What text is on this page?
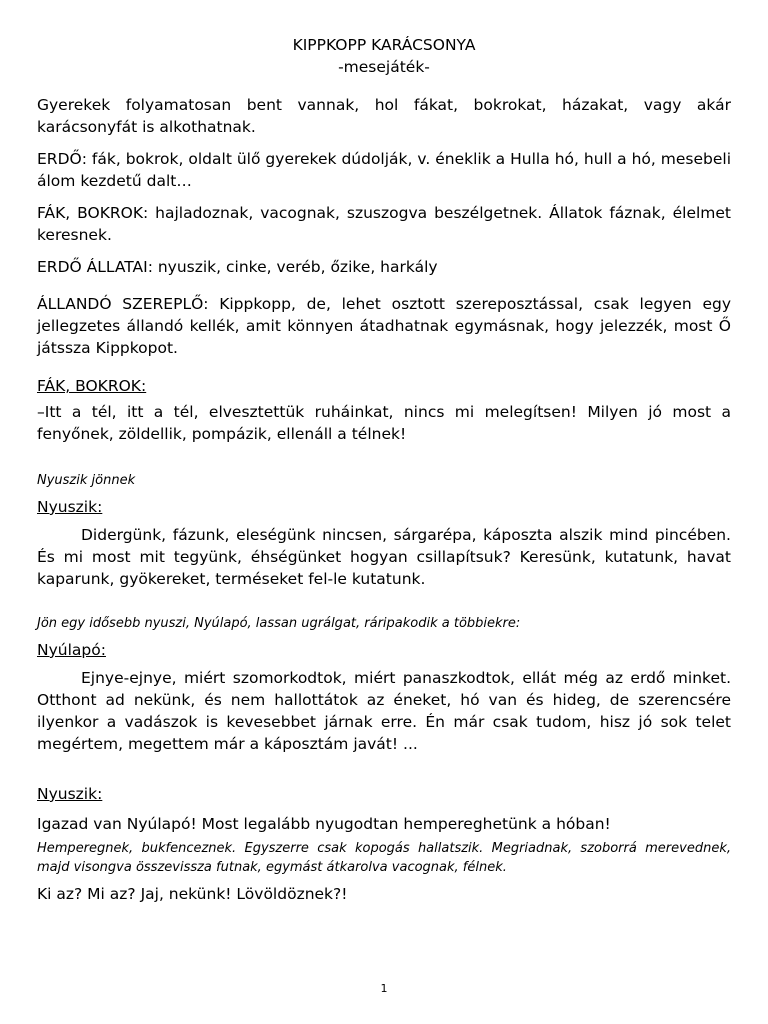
KIPPKOPP KARÁCSONYA
-mesejáték-

Gyerekek folyamatosan bent vannak, hol fákat, bokrokat, házakat, vagy akár karácsonyfát is alkothatnak.

ERDŐ: fák, bokrok, oldalt ülő gyerekek dúdolják, v. éneklik a Hulla hó, hull a hó, mesebeli álom kezdetű dalt…

FÁK, BOKROK: hajladoznak, vacognak, szuszogva beszélgetnek. Állatok fáznak, élelmet keresnek.

ERDŐ ÁLLATAI: nyuszik, cinke, veréb, őzike, harkály

ÁLLANDÓ SZEREPLŐ: Kippkopp, de, lehet osztott szereposztással, csak legyen egy jellegzetes állandó kellék, amit könnyen átadhatnak egymásnak, hogy jelezzék, most Ő játssza Kippkopot.

FÁK, BOKROK:

–Itt a tél, itt a tél, elvesztettük ruháinkat, nincs mi melegítsen! Milyen jó most a fenyőnek, zöldellik, pompázik, ellenáll a télnek!

Nyuszik jönnek

Nyuszik:

Didergünk, fázunk, eleségünk nincsen, sárgarépa, káposzta alszik mind pincében. És mi most mit tegyünk, éhségünket hogyan csillapítsuk? Keresünk, kutatunk, havat kaparunk, gyökereket, terméseket fel-le kutatunk.

Jön egy idősebb nyuszi, Nyúlapó, lassan ugrálgat, ráripakodik a többiekre:

Nyúlapó:

Ejnye-ejnye, miért szomorkodtok, miért panaszkodtok, ellát még az erdő minket. Otthont ad nekünk, és nem hallottátok az éneket, hó van és hideg, de szerencsére ilyenkor a vadászok is kevesebbet járnak erre. Én már csak tudom, hisz jó sok telet megértem, megettem már a káposztám javát! ...

Nyuszik:

Igazad van Nyúlapó! Most legalább nyugodtan hempereghetünk a hóban!

Hemperegnek, bukfenceznek. Egyszerre csak kopogás hallatszik. Megriadnak, szoborrá merevednek, majd visongva összevissza futnak, egymást átkarolva vacognak, félnek.

Ki az? Mi az? Jaj, nekünk! Lövöldöznek?!

1
